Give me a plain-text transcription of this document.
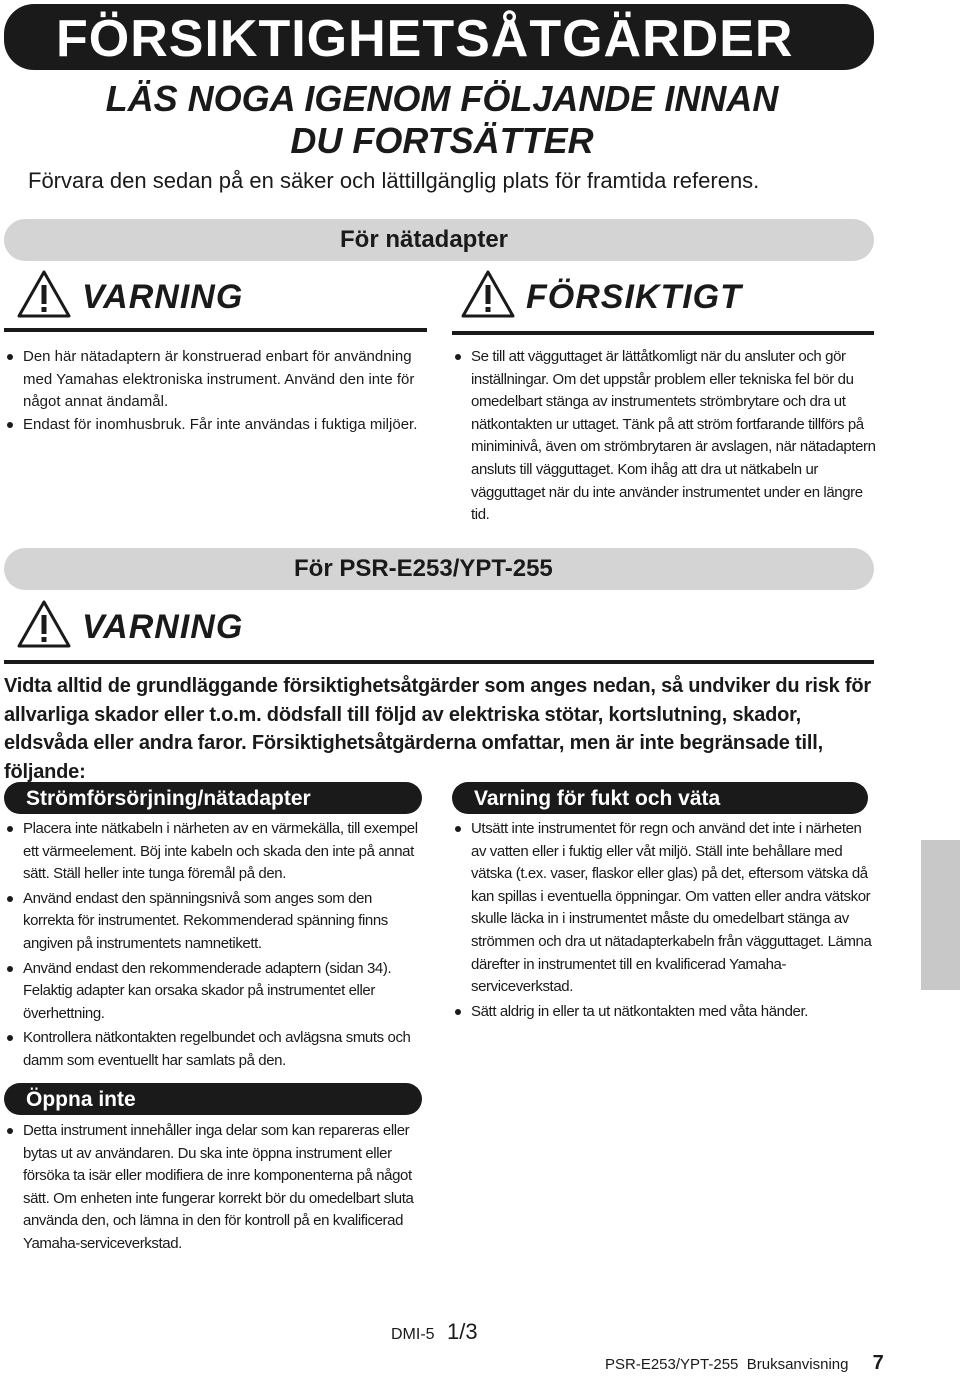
FÖRSIKTIGHETSÅTGÄRDER
LÄS NOGA IGENOM FÖLJANDE INNAN
DU FORTSÄTTER
Förvara den sedan på en säker och lättillgänglig plats för framtida referens.
För nätadapter
VARNING
Den här nätadaptern är konstruerad enbart för användning med Yamahas elektroniska instrument. Använd den inte för något annat ändamål.
Endast för inomhusbruk. Får inte användas i fuktiga miljöer.
FÖRSIKTIGT
Se till att vägguttaget är lättåtkomligt när du ansluter och gör inställningar. Om det uppstår problem eller tekniska fel bör du omedelbart stänga av instrumentets strömbrytare och dra ut nätkontakten ur uttaget. Tänk på att ström fortfarande tillförs på miniminivå, även om strömbrytaren är avslagen, när nätadaptern ansluts till vägguttaget. Kom ihåg att dra ut nätkabeln ur vägguttaget när du inte använder instrumentet under en längre tid.
För PSR-E253/YPT-255
VARNING
Vidta alltid de grundläggande försiktighetsåtgärder som anges nedan, så undviker du risk för allvarliga skador eller t.o.m. dödsfall till följd av elektriska stötar, kortslutning, skador, eldsvåda eller andra faror. Försiktighetsåtgärderna omfattar, men är inte begränsade till, följande:
Strömförsörjning/nätadapter
Placera inte nätkabeln i närheten av en värmekälla, till exempel ett värmeelement. Böj inte kabeln och skada den inte på annat sätt. Ställ heller inte tunga föremål på den.
Använd endast den spänningsnivå som anges som den korrekta för instrumentet. Rekommenderad spänning finns angiven på instrumentets namnetikett.
Använd endast den rekommenderade adaptern (sidan 34). Felaktig adapter kan orsaka skador på instrumentet eller överhettning.
Kontrollera nätkontakten regelbundet och avlägsna smuts och damm som eventuellt har samlats på den.
Varning för fukt och väta
Utsätt inte instrumentet för regn och använd det inte i närheten av vatten eller i fuktig eller våt miljö. Ställ inte behållare med vätska (t.ex. vaser, flaskor eller glas) på det, eftersom vätska då kan spillas i eventuella öppningar. Om vatten eller andra vätskor skulle läcka in i instrumentet måste du omedelbart stänga av strömmen och dra ut nätadapterkabeln från vägguttaget. Lämna därefter in instrumentet till en kvalificerad Yamaha-serviceverkstad.
Sätt aldrig in eller ta ut nätkontakten med våta händer.
Öppna inte
Detta instrument innehåller inga delar som kan repareras eller bytas ut av användaren. Du ska inte öppna instrument eller försöka ta isär eller modifiera de inre komponenterna på något sätt. Om enheten inte fungerar korrekt bör du omedelbart sluta använda den, och lämna in den för kontroll på en kvalificerad Yamaha-serviceverkstad.
DMI-5 1/3
PSR-E253/YPT-255  Bruksanvisning 7
